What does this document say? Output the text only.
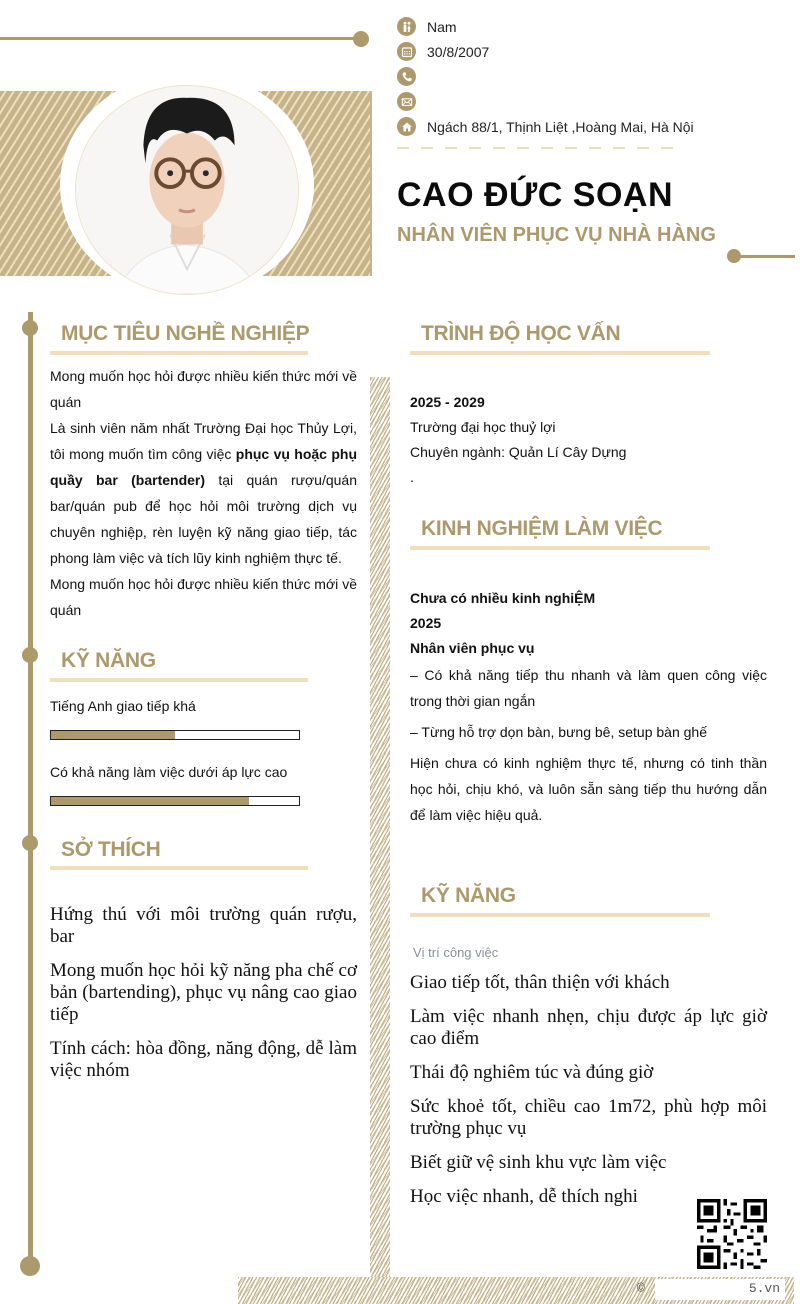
Nam
30/8/2007
Ngách 88/1, Thịnh Liệt ,Hoàng Mai, Hà Nội
CAO ĐỨC SOẠN
NHÂN VIÊN PHỤC VỤ NHÀ HÀNG
MỤC TIÊU NGHỀ NGHIỆP
Mong muốn học hỏi được nhiều kiến thức mới về quán
Là sinh viên năm nhất Trường Đại học Thủy Lợi, tôi mong muốn tìm công việc phục vụ hoặc phụ quầy bar (bartender) tại quán rượu/quán bar/quán pub để học hỏi môi trường dịch vụ chuyên nghiệp, rèn luyện kỹ năng giao tiếp, tác phong làm việc và tích lũy kinh nghiệm thực tế.
Mong muốn học hỏi được nhiều kiến thức mới về quán
KỸ NĂNG
Tiếng Anh giao tiếp khá
Có khả năng làm việc dưới áp lực cao
SỞ THÍCH

Hứng thú với môi trường quán rượu, bar

Mong muốn học hỏi kỹ năng pha chế cơ bản (bartending), phục vụ nâng cao giao tiếp

Tính cách: hòa đồng, năng động, dễ làm việc nhóm

TRÌNH ĐỘ HỌC VẤN
2025 - 2029
Trường đại học thuỷ lợi
Chuyên ngành: Quản Lí Cây Dựng
.
KINH NGHIỆM LÀM VIỆC
Chưa có nhiều kinh nghiỆM
2025
Nhân viên phục vụ
– Có khả năng tiếp thu nhanh và làm quen công việc trong thời gian ngắn
– Từng hỗ trợ dọn bàn, bưng bê, setup bàn ghế
Hiện chưa có kinh nghiệm thực tế, nhưng có tinh thần học hỏi, chịu khó, và luôn sẵn sàng tiếp thu hướng dẫn để làm việc hiệu quả.
KỸ NĂNG
Vị trí công việc

Giao tiếp tốt, thân thiện với khách

Làm việc nhanh nhẹn, chịu được áp lực giờ cao điểm

Thái độ nghiêm túc và đúng giờ

Sức khoẻ tốt, chiều cao 1m72, phù hợp môi trường phục vụ

Biết giữ vệ sinh khu vực làm việc

Học việc nhanh, dễ thích nghi

©	5.vn
